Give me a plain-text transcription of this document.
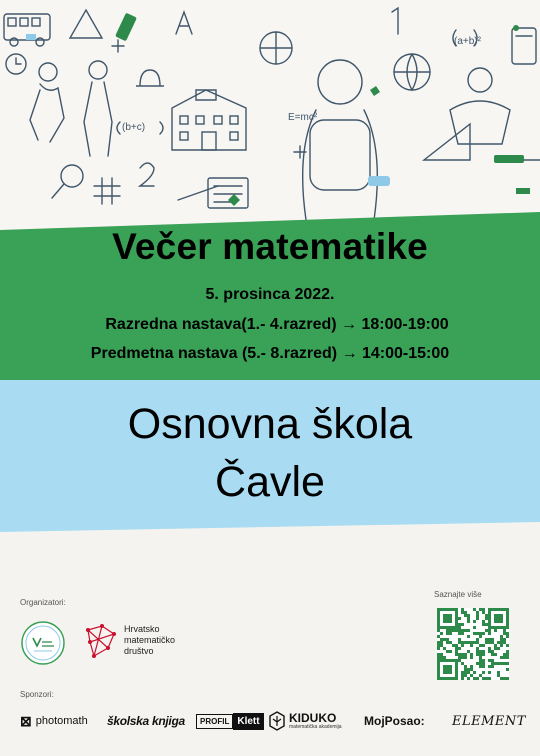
(b+c)
E=mc²
(a+b)²
Večer matematike
5. prosinca 2022.
Razredna nastava(1.- 4.razred) → 18:00-19:00
Predmetna nastava (5.- 8.razred) → 14:00-15:00
Osnovna škola
Čavle
Organizatori:
Hrvatsko
matematičko
društvo
Saznajte više
Sponzori:
⊠ photomath školska knjiga	PROFIL Klett	KIDUKO
matematička akademija MojPosao: ELEMENT
